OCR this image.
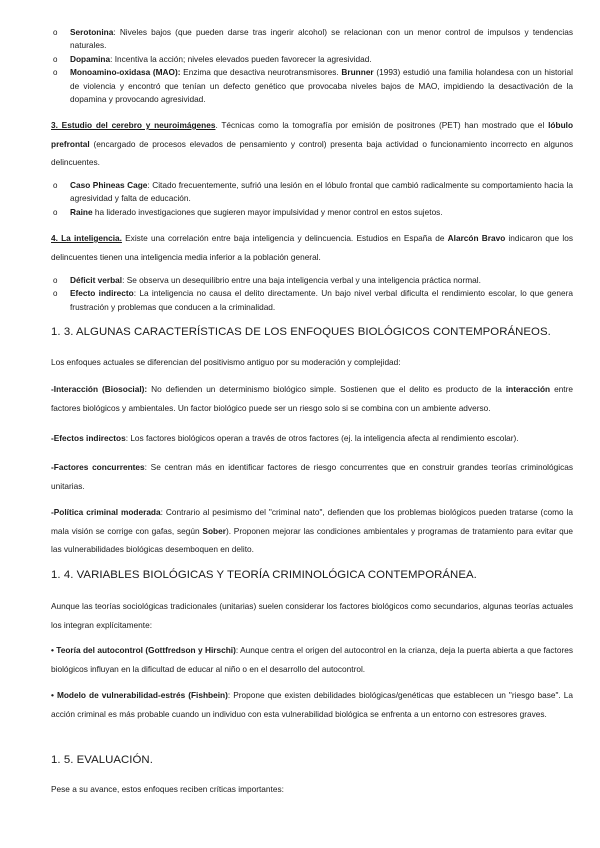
o Serotonina: Niveles bajos (que pueden darse tras ingerir alcohol) se relacionan con un menor control de impulsos y tendencias naturales.
o Dopamina: Incentiva la acción; niveles elevados pueden favorecer la agresividad.
o Monoamino-oxidasa (MAO): Enzima que desactiva neurotransmisores. Brunner (1993) estudió una familia holandesa con un historial de violencia y encontró que tenían un defecto genético que provocaba niveles bajos de MAO, impidiendo la desactivación de la dopamina y provocando agresividad.

3. Estudio del cerebro y neuroimágenes. Técnicas como la tomografía por emisión de positrones (PET) han mostrado que el lóbulo prefrontal (encargado de procesos elevados de pensamiento y control) presenta baja actividad o funcionamiento incorrecto en algunos delincuentes.

o Caso Phineas Cage: Citado frecuentemente, sufrió una lesión en el lóbulo frontal que cambió radicalmente su comportamiento hacia la agresividad y falta de educación.
o Raine ha liderado investigaciones que sugieren mayor impulsividad y menor control en estos sujetos.

4. La inteligencia. Existe una correlación entre baja inteligencia y delincuencia. Estudios en España de Alarcón Bravo indicaron que los delincuentes tienen una inteligencia media inferior a la población general.

o Déficit verbal: Se observa un desequilibrio entre una baja inteligencia verbal y una inteligencia práctica normal.
o Efecto indirecto: La inteligencia no causa el delito directamente. Un bajo nivel verbal dificulta el rendimiento escolar, lo que genera frustración y problemas que conducen a la criminalidad.
1. 3. ALGUNAS CARACTERÍSTICAS DE LOS ENFOQUES BIOLÓGICOS CONTEMPORÁNEOS.

Los enfoques actuales se diferencian del positivismo antiguo por su moderación y complejidad:

-Interacción (Biosocial): No defienden un determinismo biológico simple. Sostienen que el delito es producto de la interacción entre factores biológicos y ambientales. Un factor biológico puede ser un riesgo solo si se combina con un ambiente adverso.

-Efectos indirectos: Los factores biológicos operan a través de otros factores (ej. la inteligencia afecta al rendimiento escolar).

-Factores concurrentes: Se centran más en identificar factores de riesgo concurrentes que en construir grandes teorías criminológicas unitarias.

-Política criminal moderada: Contrario al pesimismo del "criminal nato", defienden que los problemas biológicos pueden tratarse (como la mala visión se corrige con gafas, según Sober). Proponen mejorar las condiciones ambientales y programas de tratamiento para evitar que las vulnerabilidades biológicas desemboquen en delito.

1. 4. VARIABLES BIOLÓGICAS Y TEORÍA CRIMINOLÓGICA CONTEMPORÁNEA.

Aunque las teorías sociológicas tradicionales (unitarias) suelen considerar los factores biológicos como secundarios, algunas teorías actuales los integran explícitamente:

• Teoría del autocontrol (Gottfredson y Hirschi): Aunque centra el origen del autocontrol en la crianza, deja la puerta abierta a que factores biológicos influyan en la dificultad de educar al niño o en el desarrollo del autocontrol.

• Modelo de vulnerabilidad-estrés (Fishbein): Propone que existen debilidades biológicas/genéticas que establecen un "riesgo base". La acción criminal es más probable cuando un individuo con esta vulnerabilidad biológica se enfrenta a un entorno con estresores graves.

1. 5. EVALUACIÓN.

Pese a su avance, estos enfoques reciben críticas importantes:
